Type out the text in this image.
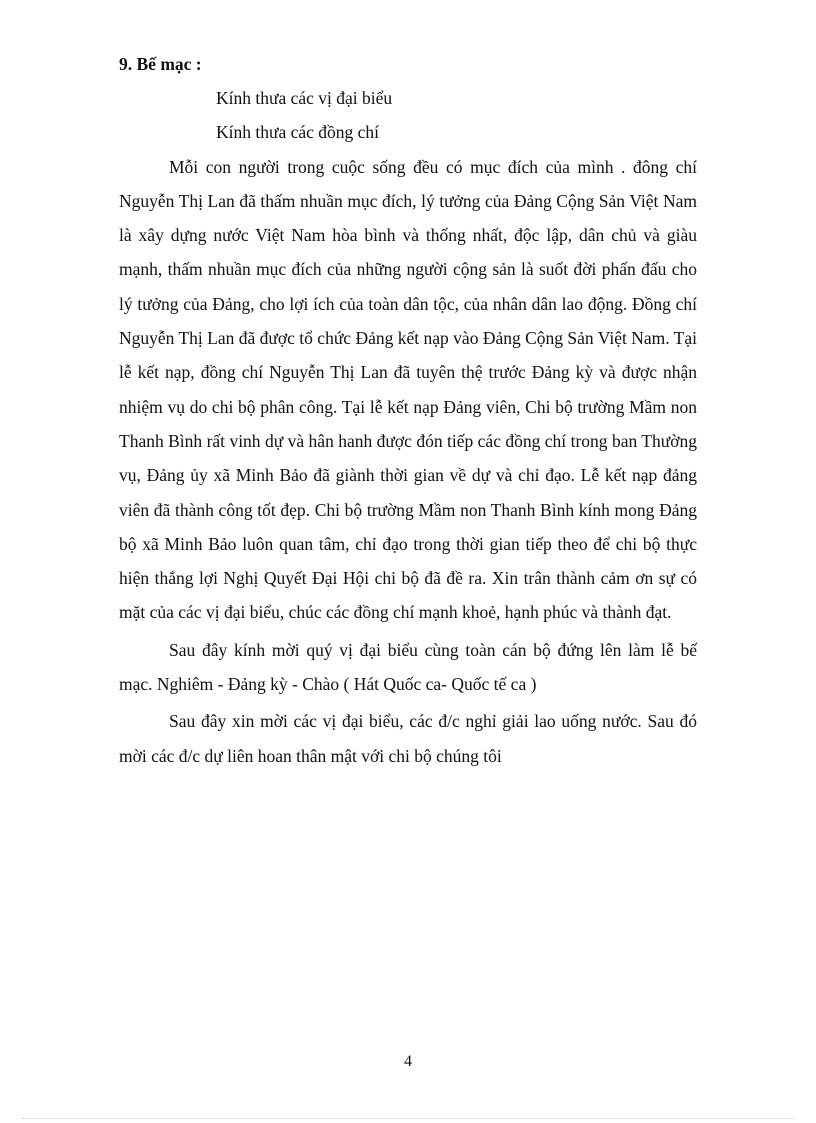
9. Bế mạc :

Kính thưa các vị đại biểu

Kính thưa các đồng chí

Mỗi con người trong cuộc sống đều có mục đích của mình . đông chí Nguyễn Thị Lan đã thấm nhuần mục đích, lý tưởng của Đảng Cộng Sản Việt Nam là xây dựng nước Việt Nam hòa bình và thống nhất, độc lập, dân chủ và giàu mạnh, thấm nhuần mục đích của những người cộng sản là suốt đời phấn đấu cho lý tưởng của Đảng, cho lợi ích của toàn dân tộc, của nhân dân lao động. Đồng chí Nguyễn Thị Lan đã được tổ chức Đảng kết nạp vào Đảng Cộng Sản Việt Nam. Tại lễ kết nạp, đồng chí Nguyễn Thị Lan đã tuyên thệ trước Đảng kỳ và được nhận nhiệm vụ do chi bộ phân công. Tại lễ kết nạp Đảng viên, Chi bộ trường Mầm non Thanh Bình rất vinh dự và hân hanh được đón tiếp các đồng chí trong ban Thường vụ, Đảng ủy xã Minh Bảo đã giành thời gian về dự và chỉ đạo. Lễ kết nạp đảng viên đã thành công tốt đẹp. Chi bộ trường Mầm non Thanh Bình kính mong Đảng bộ xã Minh Bảo luôn quan tâm, chỉ đạo trong thời gian tiếp theo để chi bộ thực hiện thắng lợi Nghị Quyết Đại Hội chi bộ đã đề ra. Xin trân thành cảm ơn sự có mặt của các vị đại biểu, chúc các đồng chí mạnh khoẻ, hạnh phúc và thành đạt.

Sau đây kính mời quý vị đại biểu cùng toàn cán bộ đứng lên làm lễ bế mạc. Nghiêm - Đảng kỳ - Chào ( Hát Quốc ca- Quốc tế ca )

Sau đây xin mời các vị đại biểu, các đ/c nghỉ giải lao uống nước. Sau đó mời các đ/c dự liên hoan thân mật với chi bộ chúng tôi

4
